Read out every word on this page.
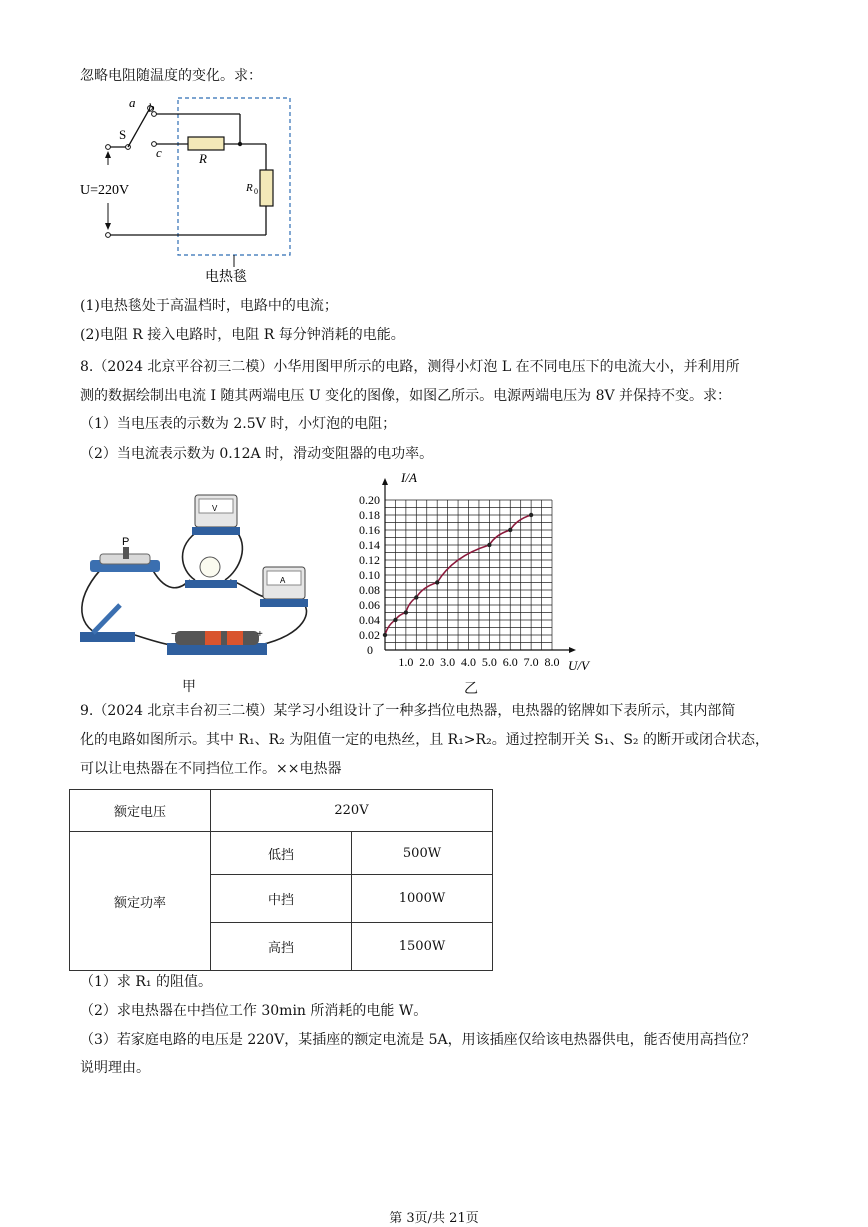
忽略电阻随温度的变化。求：
a b
c
S
R
R 0
U=220V
电热毯
(1)电热毯处于高温档时，电路中的电流；
(2)电阻 R 接入电路时，电阻 R 每分钟消耗的电能。
8.（2024 北京平谷初三二模）小华用图甲所示的电路，测得小灯泡 L 在不同电压下的电流大小，并利用所
测的数据绘制出电流 I 随其两端电压 U 变化的图像，如图乙所示。电源两端电压为 8V 并保持不变。求：
（1）当电压表的示数为 2.5V 时，小灯泡的电阻；
（2）当电流表示数为 0.12A 时，滑动变阻器的电功率。
P
V
A
−	+
甲
0.02
0.04
0.06
0.08
0.10
0.12
0.14
0.16
0.18
0.20
1.0 2.0 3.0 4.0 5.0 6.0 7.0 8.0
0
I/A
U/V
乙
9.（2024 北京丰台初三二模）某学习小组设计了一种多挡位电热器，电热器的铭牌如下表所示，其内部简
化的电路如图所示。其中 R₁、R₂ 为阻值一定的电热丝，且 R₁>R₂。通过控制开关 S₁、S₂ 的断开或闭合状态，
可以让电热器在不同挡位工作。××电热器
额定电压	220V	
额定功率	低挡	500W
	中挡	1000W
	高挡	1500W
（1）求 R₁ 的阻值。
（2）求电热器在中挡位工作 30min 所消耗的电能 W。
（3）若家庭电路的电压是 220V，某插座的额定电流是 5A，用该插座仅给该电热器供电，能否使用高挡位？
说明理由。
第 3页/共 21页
